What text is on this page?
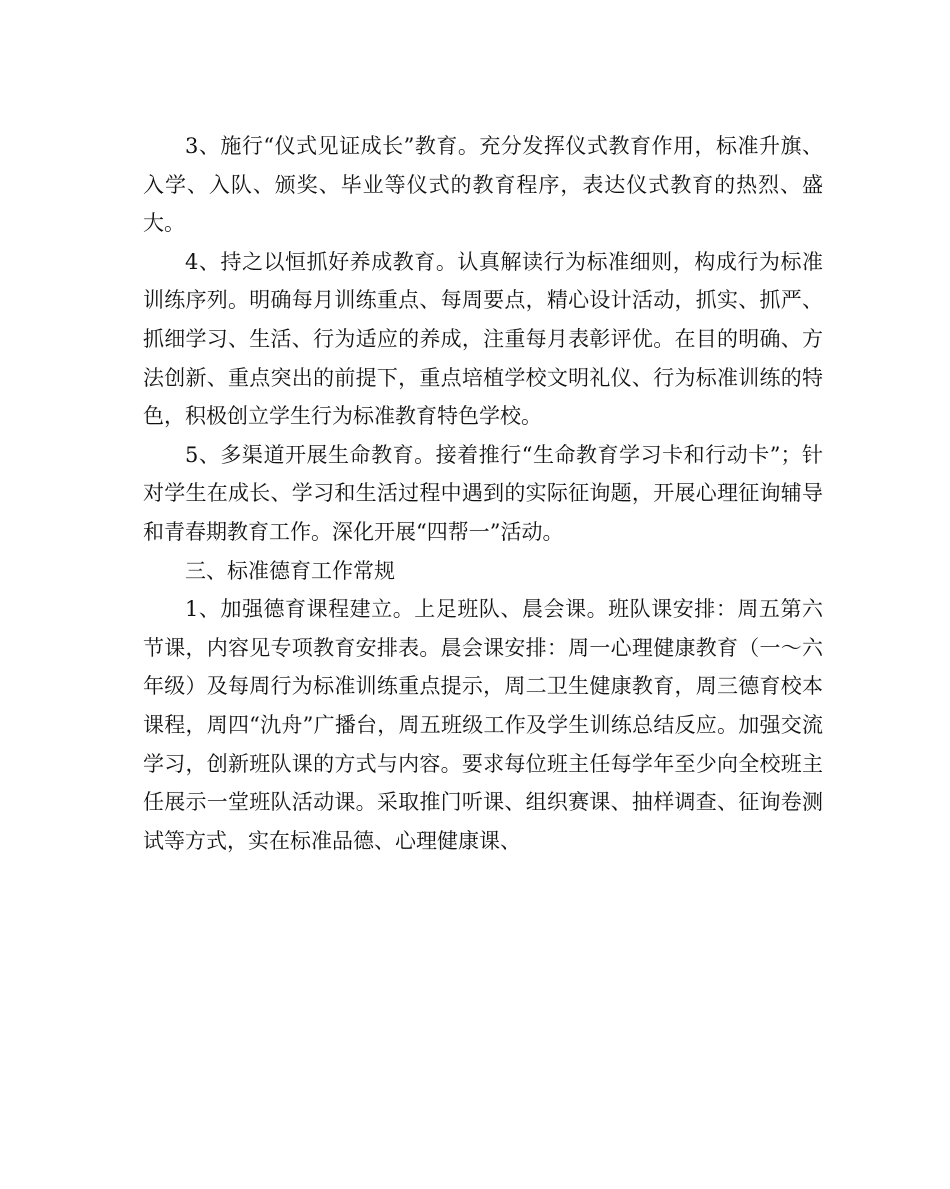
3、施行“仪式见证成长”教育。充分发挥仪式教育作用，标准升旗、入学、入队、颁奖、毕业等仪式的教育程序，表达仪式教育的热烈、盛大。

4、持之以恒抓好养成教育。认真解读行为标准细则，构成行为标准训练序列。明确每月训练重点、每周要点，精心设计活动，抓实、抓严、抓细学习、生活、行为适应的养成，注重每月表彰评优。在目的明确、方法创新、重点突出的前提下，重点培植学校文明礼仪、行为标准训练的特色，积极创立学生行为标准教育特色学校。

5、多渠道开展生命教育。接着推行“生命教育学习卡和行动卡”；针对学生在成长、学习和生活过程中遇到的实际征询题，开展心理征询辅导和青春期教育工作。深化开展“四帮一”活动。

三、标准德育工作常规

1、加强德育课程建立。上足班队、晨会课。班队课安排：周五第六节课，内容见专项教育安排表。晨会课安排：周一心理健康教育（一～六年级）及每周行为标准训练重点提示，周二卫生健康教育，周三德育校本课程，周四“氿舟”广播台，周五班级工作及学生训练总结反应。加强交流学习，创新班队课的方式与内容。要求每位班主任每学年至少向全校班主任展示一堂班队活动课。采取推门听课、组织赛课、抽样调查、征询卷测试等方式，实在标准品德、心理健康课、
